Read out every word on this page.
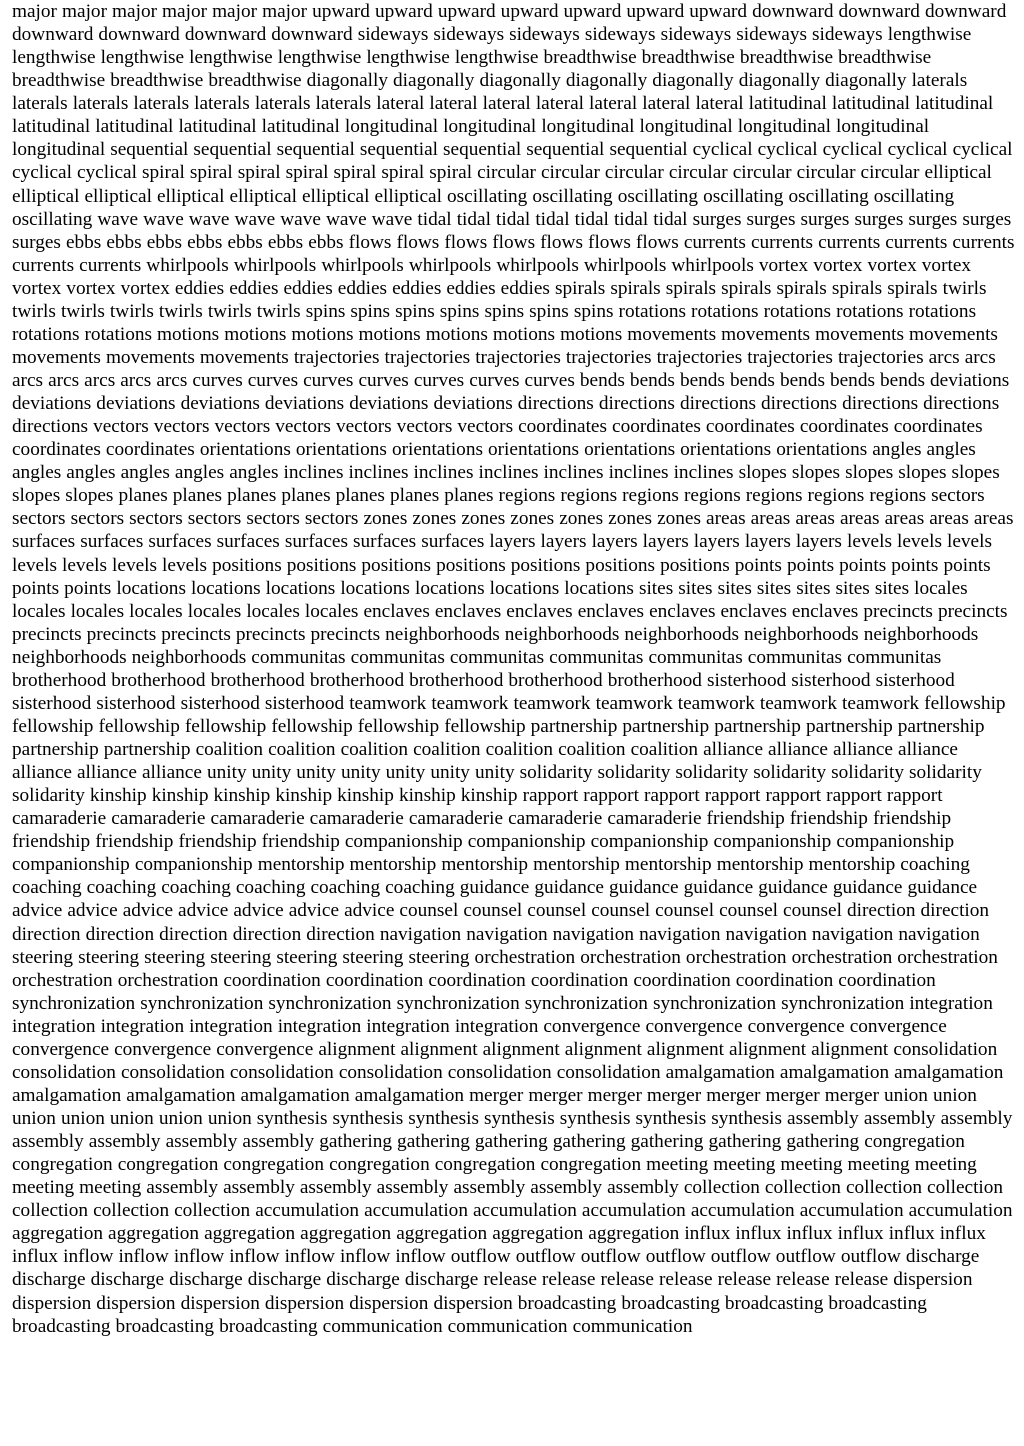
major major major major major major upward upward upward upward upward upward upward downward downward downward downward downward downward downward sideways sideways sideways sideways sideways sideways sideways lengthwise lengthwise lengthwise lengthwise lengthwise lengthwise lengthwise breadthwise breadthwise breadthwise breadthwise breadthwise breadthwise breadthwise diagonally diagonally diagonally diagonally diagonally diagonally diagonally laterals laterals laterals laterals laterals laterals laterals lateral lateral lateral lateral lateral lateral lateral latitudinal latitudinal latitudinal latitudinal latitudinal latitudinal latitudinal longitudinal longitudinal longitudinal longitudinal longitudinal longitudinal longitudinal sequential sequential sequential sequential sequential sequential sequential cyclical cyclical cyclical cyclical cyclical cyclical cyclical spiral spiral spiral spiral spiral spiral spiral circular circular circular circular circular circular circular elliptical elliptical elliptical elliptical elliptical elliptical elliptical oscillating oscillating oscillating oscillating oscillating oscillating oscillating wave wave wave wave wave wave wave tidal tidal tidal tidal tidal tidal tidal surges surges surges surges surges surges surges ebbs ebbs ebbs ebbs ebbs ebbs ebbs flows flows flows flows flows flows flows currents currents currents currents currents currents currents whirlpools whirlpools whirlpools whirlpools whirlpools whirlpools whirlpools vortex vortex vortex vortex vortex vortex vortex eddies eddies eddies eddies eddies eddies eddies spirals spirals spirals spirals spirals spirals spirals twirls twirls twirls twirls twirls twirls twirls spins spins spins spins spins spins spins rotations rotations rotations rotations rotations rotations rotations motions motions motions motions motions motions motions movements movements movements movements movements movements movements trajectories trajectories trajectories trajectories trajectories trajectories trajectories arcs arcs arcs arcs arcs arcs arcs curves curves curves curves curves curves curves bends bends bends bends bends bends bends deviations deviations deviations deviations deviations deviations deviations directions directions directions directions directions directions directions vectors vectors vectors vectors vectors vectors vectors coordinates coordinates coordinates coordinates coordinates coordinates coordinates orientations orientations orientations orientations orientations orientations orientations angles angles angles angles angles angles angles inclines inclines inclines inclines inclines inclines inclines slopes slopes slopes slopes slopes slopes slopes planes planes planes planes planes planes planes regions regions regions regions regions regions regions sectors sectors sectors sectors sectors sectors sectors zones zones zones zones zones zones zones areas areas areas areas areas areas areas surfaces surfaces surfaces surfaces surfaces surfaces surfaces layers layers layers layers layers layers layers levels levels levels levels levels levels levels positions positions positions positions positions positions positions points points points points points points points locations locations locations locations locations locations locations sites sites sites sites sites sites sites locales locales locales locales locales locales locales enclaves enclaves enclaves enclaves enclaves enclaves enclaves precincts precincts precincts precincts precincts precincts precincts neighborhoods neighborhoods neighborhoods neighborhoods neighborhoods neighborhoods neighborhoods communitas communitas communitas communitas communitas communitas communitas brotherhood brotherhood brotherhood brotherhood brotherhood brotherhood brotherhood sisterhood sisterhood sisterhood sisterhood sisterhood sisterhood sisterhood teamwork teamwork teamwork teamwork teamwork teamwork teamwork fellowship fellowship fellowship fellowship fellowship fellowship fellowship partnership partnership partnership partnership partnership partnership partnership coalition coalition coalition coalition coalition coalition coalition alliance alliance alliance alliance alliance alliance alliance unity unity unity unity unity unity unity solidarity solidarity solidarity solidarity solidarity solidarity solidarity kinship kinship kinship kinship kinship kinship kinship rapport rapport rapport rapport rapport rapport rapport camaraderie camaraderie camaraderie camaraderie camaraderie camaraderie camaraderie friendship friendship friendship friendship friendship friendship friendship companionship companionship companionship companionship companionship companionship companionship mentorship mentorship mentorship mentorship mentorship mentorship mentorship coaching coaching coaching coaching coaching coaching coaching guidance guidance guidance guidance guidance guidance guidance advice advice advice advice advice advice advice counsel counsel counsel counsel counsel counsel counsel direction direction direction direction direction direction direction navigation navigation navigation navigation navigation navigation navigation steering steering steering steering steering steering steering orchestration orchestration orchestration orchestration orchestration orchestration orchestration coordination coordination coordination coordination coordination coordination coordination synchronization synchronization synchronization synchronization synchronization synchronization synchronization integration integration integration integration integration integration integration convergence convergence convergence convergence convergence convergence convergence alignment alignment alignment alignment alignment alignment alignment consolidation consolidation consolidation consolidation consolidation consolidation consolidation amalgamation amalgamation amalgamation amalgamation amalgamation amalgamation amalgamation merger merger merger merger merger merger merger union union union union union union union synthesis synthesis synthesis synthesis synthesis synthesis synthesis assembly assembly assembly assembly assembly assembly assembly gathering gathering gathering gathering gathering gathering gathering congregation congregation congregation congregation congregation congregation congregation meeting meeting meeting meeting meeting meeting meeting assembly assembly assembly assembly assembly assembly assembly collection collection collection collection collection collection collection accumulation accumulation accumulation accumulation accumulation accumulation accumulation aggregation aggregation aggregation aggregation aggregation aggregation aggregation influx influx influx influx influx influx influx inflow inflow inflow inflow inflow inflow inflow outflow outflow outflow outflow outflow outflow outflow discharge discharge discharge discharge discharge discharge discharge release release release release release release release dispersion dispersion dispersion dispersion dispersion dispersion dispersion broadcasting broadcasting broadcasting broadcasting broadcasting broadcasting broadcasting communication communication communication
